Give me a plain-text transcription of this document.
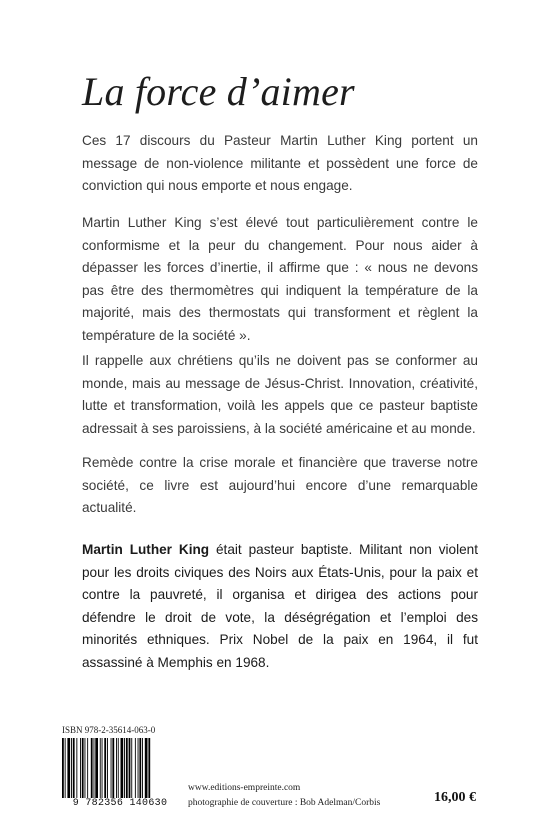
La force d’aimer

Ces 17 discours du Pasteur Martin Luther King portent un message de non-violence militante et possèdent une force de conviction qui nous emporte et nous engage.

Martin Luther King s’est élevé tout particulièrement contre le conformisme et la peur du changement. Pour nous aider à dépasser les forces d’inertie, il affirme que : « nous ne devons pas être des thermomètres qui indiquent la température de la majorité, mais des thermostats qui transforment et règlent la température de la société ».

Il rappelle aux chrétiens qu’ils ne doivent pas se conformer au monde, mais au message de Jésus-Christ. Innovation, créativité, lutte et transformation, voilà les appels que ce pasteur baptiste adressait à ses paroissiens, à la société américaine et au monde.

Remède contre la crise morale et financière que traverse notre société, ce livre est aujourd’hui encore d’une remarquable actualité.

Martin Luther King était pasteur baptiste. Militant non violent pour les droits civiques des Noirs aux États-Unis, pour la paix et contre la pauvreté, il organisa et dirigea des actions pour défendre le droit de vote, la déségrégation et l’emploi des minorités ethniques. Prix Nobel de la paix en 1964, il fut assassiné à Memphis en 1968.

ISBN 978-2-35614-063-0
9 782356 140630
www.editions-empreinte.com
photographie de couverture : Bob Adelman/Corbis	16,00 €
